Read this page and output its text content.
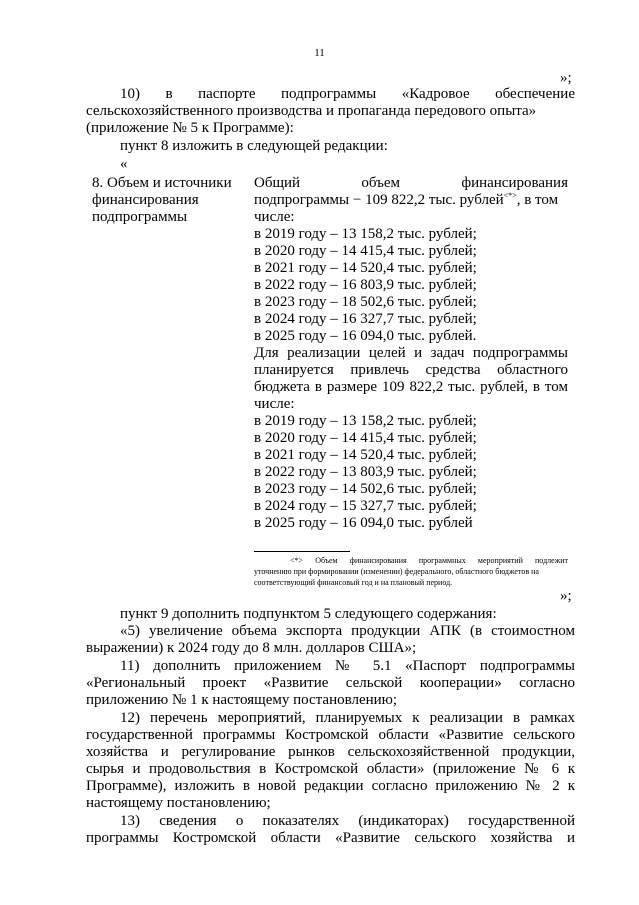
11
»;
10) в паспорте подпрограммы «Кадровое обеспечение
сельскохозяйственного производства и пропаганда передового опыта»
(приложение № 5 к Программе):
пункт 8 изложить в следующей редакции:
«
8. Объем и источники
финансирования
подпрограммы
Общий	объем	финансирования
подпрограммы − 109 822,2 тыс. рублей<*>, в том
числе:
в 2019 году – 13 158,2 тыс. рублей;
в 2020 году – 14 415,4 тыс. рублей;
в 2021 году – 14 520,4 тыс. рублей;
в 2022 году – 16 803,9 тыс. рублей;
в 2023 году – 18 502,6 тыс. рублей;
в 2024 году – 16 327,7 тыс. рублей;
в 2025 году – 16 094,0 тыс. рублей.
Для реализации целей и задач подпрограммы
планируется привлечь средства областного
бюджета в размере 109 822,2 тыс. рублей, в том
числе:
в 2019 году – 13 158,2 тыс. рублей;
в 2020 году – 14 415,4 тыс. рублей;
в 2021 году – 14 520,4 тыс. рублей;
в 2022 году – 13 803,9 тыс. рублей;
в 2023 году – 14 502,6 тыс. рублей;
в 2024 году – 15 327,7 тыс. рублей;
в 2025 году – 16 094,0 тыс. рублей
<*> Объем финансирования программных мероприятий подлежит
уточнению при формировании (изменении) федерального, областного бюджетов на
соответствующий финансовый год и на плановый период.
»;
пункт 9 дополнить подпунктом 5 следующего содержания:
«5) увеличение объема экспорта продукции АПК (в стоимостном
выражении) к 2024 году до 8 млн. долларов США»;
11) дополнить приложением № 5.1 «Паспорт подпрограммы
«Региональный проект «Развитие сельской кооперации» согласно
приложению № 1 к настоящему постановлению;
12) перечень мероприятий, планируемых к реализации в рамках
государственной программы Костромской области «Развитие сельского
хозяйства и регулирование рынков сельскохозяйственной продукции,
сырья и продовольствия в Костромской области» (приложение № 6 к
Программе), изложить в новой редакции согласно приложению № 2 к
настоящему постановлению;
13) сведения о показателях (индикаторах) государственной
программы Костромской области «Развитие сельского хозяйства и
